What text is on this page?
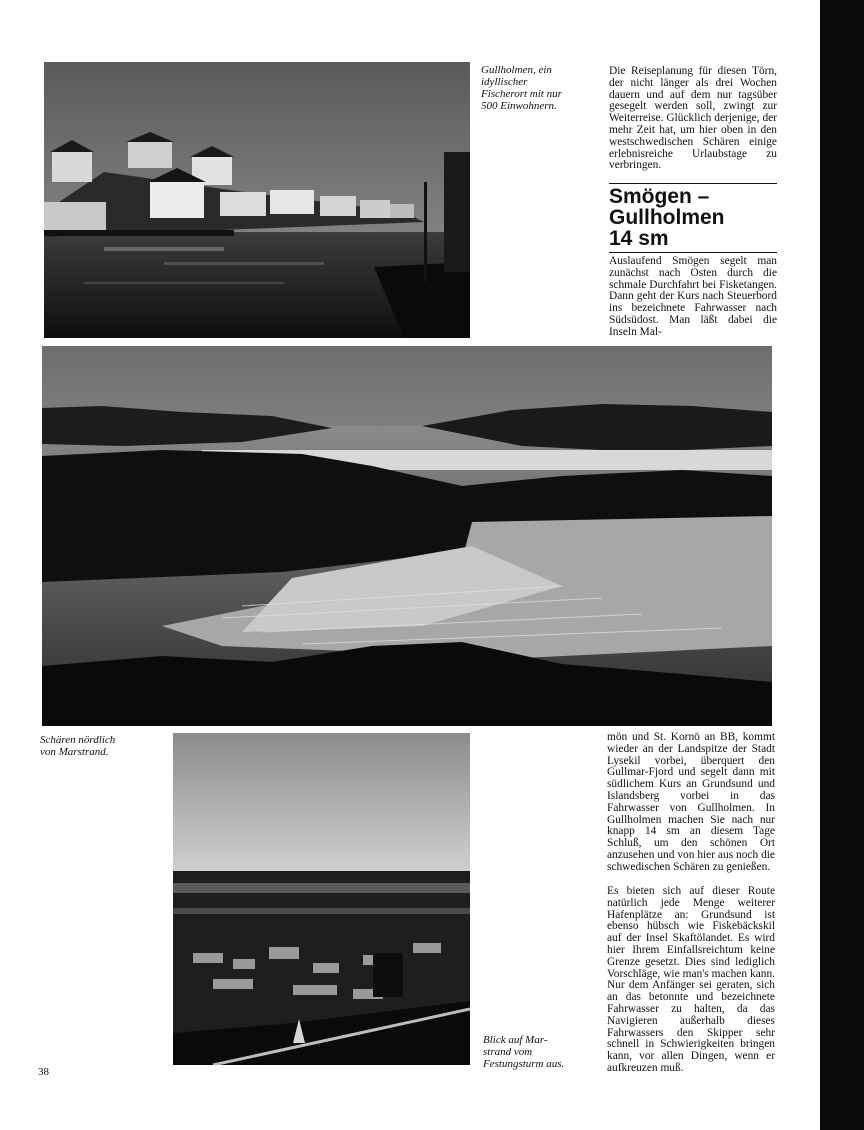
Gullholmen, ein
idyllischer
Fischerort mit nur
500 Einwohnern.

Die Reiseplanung für diesen Törn, der nicht länger als drei Wochen dauern und auf dem nur tagsüber gesegelt werden soll, zwingt zur Weiterreise. Glücklich derjenige, der mehr Zeit hat, um hier oben in den westschwedischen Schären einige erlebnisreiche Urlaubstage zu verbringen.

Smögen –
Gullholmen
14 sm

Auslaufend Smögen segelt man zunächst nach Osten durch die schmale Durchfahrt bei Fisketangen. Dann geht der Kurs nach Steuerbord ins bezeichnete Fahrwasser nach Südsüdost. Man läßt dabei die Inseln Mal-

Schären nördlich
von Marstrand.

mön und St. Kornö an BB, kommt wieder an der Landspitze der Stadt Lysekil vorbei, überquert den Gullmar-Fjord und segelt dann mit südlichem Kurs an Grundsund und Islandsberg vorbei in das Fahrwasser von Gullholmen. In Gullholmen machen Sie nach nur knapp 14 sm an diesem Tage Schluß, um den schönen Ort anzusehen und von hier aus noch die schwedischen Schären zu genießen.

Es bieten sich auf dieser Route natürlich jede Menge weiterer Hafenplätze an: Grundsund ist ebenso hübsch wie Fiskebäckskil auf der Insel Skaftölandet. Es wird hier Ihrem Einfallsreichtum keine Grenze gesetzt. Dies sind lediglich Vorschläge, wie man's machen kann. Nur dem Anfänger sei geraten, sich an das betonnte und bezeichnete Fahrwasser zu halten, da das Navigieren außerhalb dieses Fahrwassers den Skipper sehr schnell in Schwierigkeiten bringen kann, vor allen Dingen, wenn er aufkreuzen muß.

Blick auf Mar-
strand vom
Festungsturm aus.
38
